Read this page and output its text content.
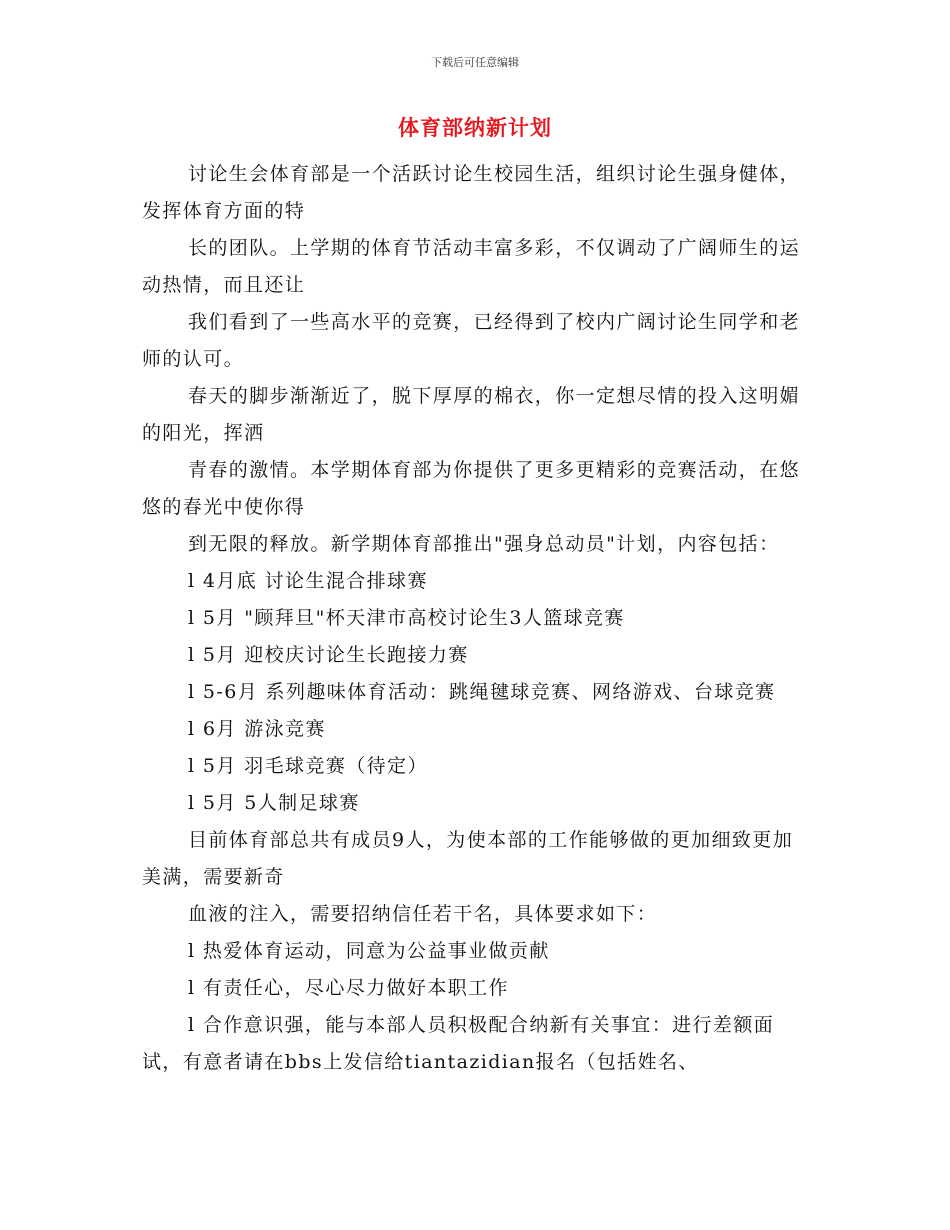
下载后可任意编辑
体育部纳新计划

讨论生会体育部是一个活跃讨论生校园生活，组织讨论生强身健体，发挥体育方面的特

长的团队。上学期的体育节活动丰富多彩，不仅调动了广阔师生的运动热情，而且还让

我们看到了一些高水平的竞赛，已经得到了校内广阔讨论生同学和老师的认可。

春天的脚步渐渐近了，脱下厚厚的棉衣，你一定想尽情的投入这明媚的阳光，挥洒

青春的激情。本学期体育部为你提供了更多更精彩的竞赛活动，在悠悠的春光中使你得

到无限的释放。新学期体育部推出"强身总动员"计划，内容包括：

l 4月底 讨论生混合排球赛

l 5月 "顾拜旦"杯天津市高校讨论生3人篮球竞赛

l 5月 迎校庆讨论生长跑接力赛

l 5-6月 系列趣味体育活动：跳绳毽球竞赛、网络游戏、台球竞赛

l 6月 游泳竞赛

l 5月 羽毛球竞赛（待定）

l 5月 5人制足球赛

目前体育部总共有成员9人，为使本部的工作能够做的更加细致更加美满，需要新奇

血液的注入，需要招纳信任若干名，具体要求如下：

l 热爱体育运动，同意为公益事业做贡献

l 有责任心，尽心尽力做好本职工作

l 合作意识强，能与本部人员积极配合纳新有关事宜：进行差额面试，有意者请在bbs上发信给tiantazidian报名（包括姓名、
